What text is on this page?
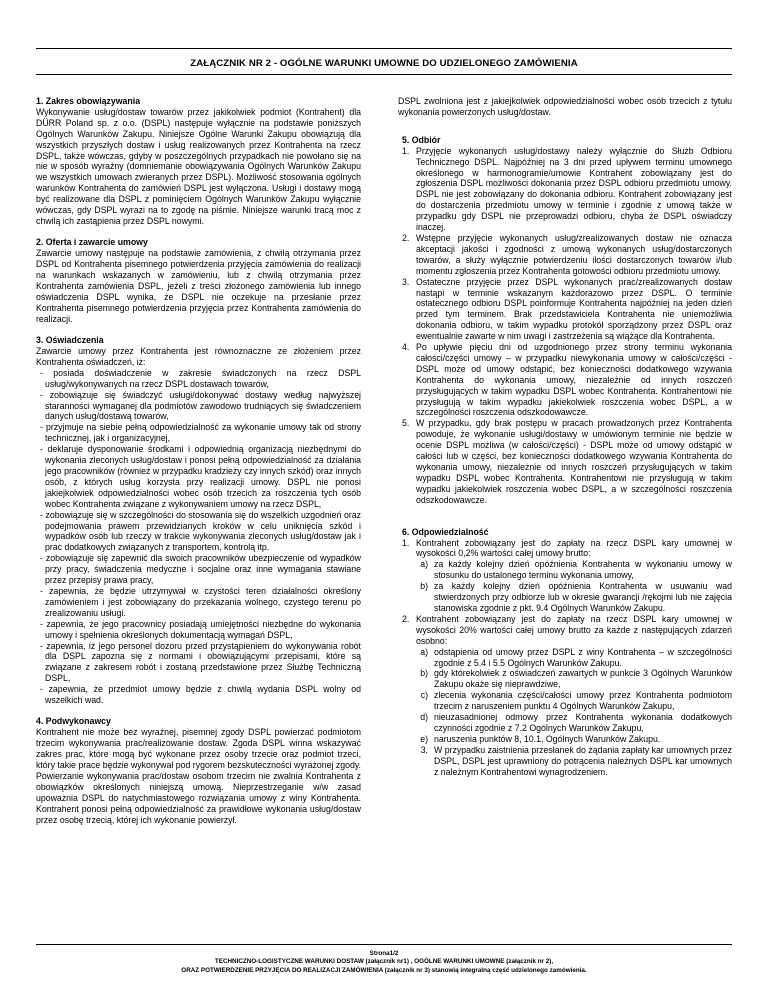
ZAŁĄCZNIK NR 2 - OGÓLNE WARUNKI UMOWNE DO UDZIELONEGO ZAMÓWIENIA
1. Zakres obowiązywania

Wykonywanie usług/dostaw towarów przez jakikolwiek podmiot (Kontrahent) dla DÜRR Poland sp. z o.o. (DSPL) następuje wyłącznie na podstawie poniższych Ogólnych Warunków Zakupu. Niniejsze Ogólne Warunki Zakupu obowiązują dla wszystkich przyszłych dostaw i usług realizowanych przez Kontrahenta na rzecz DSPL, także wówczas, gdyby w poszczególnych przypadkach nie powołano się na nie w sposób wyraźny (domniemanie obowiązywania Ogólnych Warunków Zakupu we wszystkich umowach zwieranych przez DSPL). Możliwość stosowania ogólnych warunków Kontrahenta do zamówień DSPL jest wyłączona. Usługi i dostawy mogą być realizowane dla DSPL z pominięciem Ogólnych Warunków Zakupu wyłącznie wówczas, gdy DSPL wyrazi na to zgodę na piśmie. Niniejsze warunki tracą moc z chwilą ich zastąpienia przez DSPL nowymi.

2. Oferta i zawarcie umowy

Zawarcie umowy następuje na podstawie zamówienia, z chwilą otrzymania przez DSPL od Kontrahenta pisemnego potwierdzenia przyjęcia zamówienia do realizacji na warunkach wskazanych w zamówieniu, lub z chwilą otrzymania przez Kontrahenta zamówienia DSPL, jeżeli z treści złożonego zamówienia lub innego oświadczenia DSPL wynika, że DSPL nie oczekuje na przesłanie przez Kontrahenta pisemnego potwierdzenia przyjęcia przez Kontrahenta zamówienia do realizacji.

3. Oświadczenia

Zawarcie umowy przez Kontrahenta jest równoznaczne ze złożeniem przez Kontrahenta oświadczeń, iż:

- posiada doświadczenie w zakresie świadczonych na rzecz DSPL usług/wykonywanych na rzecz DSPL dostawach towarów,
- zobowiązuje się świadczyć usługi/dokonywać dostawy według najwyższej staranności wymaganej dla podmiotów zawodowo trudniących się świadczeniem danych usług/dostawą towarów,
- przyjmuje na siebie pełną odpowiedzialność za wykonanie umowy tak od strony technicznej, jak i organizacyjnej,
- deklaruje dysponowanie środkami i odpowiednią organizacją niezbędnymi do wykonania zleconych usług/dostaw i ponosi pełną odpowiedzialność za działania jego pracowników (również w przypadku kradzieży czy innych szkód) oraz innych osób, z których usług korzysta przy realizacji umowy. DSPL nie ponosi jakiejkolwiek odpowiedzialności wobec osób trzecich za roszczenia tych osób wobec Kontrahenta związane z wykonywaniem umowy na rzecz DSPL,
- zobowiązuje się w szczególności do stosowania się do wszelkich uzgodnień oraz podejmowania prawem przewidzianych kroków w celu uniknięcia szkód i wypadków osób lub rzeczy w trakcie wykonywania zleconych usług/dostaw jak i prac dodatkowych związanych z transportem, kontrolą itp.
- zobowiązuje się zapewnić dla swoich pracowników ubezpieczenie od wypadków przy pracy, świadczenia medyczne i socjalne oraz inne wymagania stawiane przez przepisy prawa pracy,
- zapewnia, że będzie utrzymywał w czystości teren działalności określony zamówieniem i jest zobowiązany do przekazania wolnego, czystego terenu po zrealizowaniu usługi.
- zapewnia, że jego pracownicy posiadają umiejętności niezbędne do wykonania umowy i spełnienia określonych dokumentacją wymagań DSPL,
- zapewnia, iż jego personel dozoru przed przystąpieniem do wykonywania robót dla DSPL zapozna się z normami i obowiązującymi przepisami, które są związane z zakresem robót i zostaną przedstawione przez Służbę Techniczną DSPL,
- zapewnia, że przedmiot umowy będzie z chwilą wydania DSPL wolny od wszelkich wad.
4. Podwykonawcy

Kontrahent nie może bez wyraźnej, pisemnej zgody DSPL powierzać podmiotom trzecim wykonywania prac/realizowanie dostaw. Zgoda DSPL winna wskazywać zakres prac, które mogą być wykonane przez osoby trzecie oraz podmiot trzeci, który takie prace będzie wykonywał pod rygorem bezskuteczności wyrażonej zgody. Powierzanie wykonywania prac/dostaw osobom trzecim nie zwalnia Kontrahenta z obowiązków określonych niniejszą umową. Nieprzestrzeganie w/w zasad upoważnia DSPL do natychmiastowego rozwiązania umowy z winy Kontrahenta. Kontrahent ponosi pełną odpowiedzialność za prawidłowe wykonania usług/dostaw przez osobę trzecią, której ich wykonanie powierzył.

DSPL zwolniona jest z jakiejkolwiek odpowiedzialności wobec osób trzecich z tytułu wykonania powierzonych usług/dostaw.

5. Odbiór
1. Przyjęcie wykonanych usług/dostawy należy wyłącznie do Służb Odbioru Technicznego DSPL. Najpóźniej na 3 dni przed upływem terminu umownego określonego w harmonogramie/umowie Kontrahent zobowiązany jest do zgłoszenia DSPL możliwości dokonania przez DSPL odbioru przedmiotu umowy. DSPL nie jest zobowiązany do dokonania odbioru. Kontrahent zobowiązany jest do dostarczenia przedmiotu umowy w terminie i zgodnie z umową także w przypadku gdy DSPL nie przeprowadzi odbioru, chyba że DSPL oświadczy inaczej.
2. Wstępne przyjęcie wykonanych usług/zrealizowanych dostaw nie oznacza akceptacji jakości i zgodności z umową wykonanych usług/dostarczonych towarów, a służy wyłącznie potwierdzeniu ilości dostarczonych towarów i/lub momentu zgłoszenia przez Kontrahenta gotowości odbioru przedmiotu umowy.
3. Ostateczne przyjęcie przez DSPL wykonanych prac/zrealizowanych dostaw nastąpi w terminie wskazanym każdorazowo przez DSPL. O terminie ostatecznego odbioru DSPL poinformuje Kontrahenta najpóźniej na jeden dzień przed tym terminem. Brak przedstawiciela Kontrahenta nie uniemożliwia dokonania odbioru, w takim wypadku protokół sporządzony przez DSPL oraz ewentualnie zawarte w nim uwagi i zastrzeżenia są wiążące dla Kontrahenta.
4. Po upływie pięciu dni od uzgodnionego przez strony terminu wykonania całości/części umowy – w przypadku niewykonania umowy w całości/części - DSPL może od umowy odstąpić, bez konieczności dodatkowego wzywania Kontrahenta do wykonania umowy, niezależnie od innych roszczeń przysługujących w takim wypadku DSPL wobec Kontrahenta. Kontrahentowi nie przysługują w takim wypadku jakiekolwiek roszczenia wobec DSPL, a w szczególności roszczenia odszkodowawcze.
5. W przypadku, gdy brak postępu w pracach prowadzonych przez Kontrahenta powoduje, że wykonanie usługi/dostawy w umówionym terminie nie będzie w ocenie DSPL możliwa (w całości/części) - DSPL może od umowy odstąpić w całości lub w części, bez konieczności dodatkowego wzywania Kontrahenta do wykonania umowy, niezależnie od innych roszczeń przysługujących w takim wypadku DSPL wobec Kontrahenta. Kontrahentowi nie przysługują w takim wypadku jakiekolwiek roszczenia wobec DSPL, a w szczególności roszczenia odszkodowawcze.
6. Odpowiedzialność
1. Kontrahent zobowiązany jest do zapłaty na rzecz DSPL kary umownej w wysokości 0,2% wartości całej umowy brutto:
a) za każdy kolejny dzień opóźnienia Kontrahenta w wykonaniu umowy w stosunku do ustalonego terminu wykonania umowy,
b) za każdy kolejny dzień opóźnienia Kontrahenta w usuwaniu wad stwierdzonych przy odbiorze lub w okresie gwarancji /rękojmi lub nie zajęcia stanowiska zgodnie z pkt. 9.4 Ogólnych Warunków Zakupu.
2. Kontrahent zobowiązany jest do zapłaty na rzecz DSPL kary umownej w wysokości 20% wartości całej umowy brutto za każde z następujących zdarzeń osobno:
a) odstąpienia od umowy przez DSPL z winy Kontrahenta – w szczególności zgodnie z 5.4 i 5.5 Ogólnych Warunków Zakupu.
b) gdy którekolwiek z oświadczeń zawartych w punkcie 3 Ogólnych Warunków Zakupu okaże się nieprawdziwe,
c) zlecenia wykonania części/całości umowy przez Kontrahenta podmiotom trzecim z naruszeniem punktu 4 Ogólnych Warunków Zakupu,
d) nieuzasadnionej odmowy przez Kontrahenta wykonania dodatkowych czynności zgodnie z 7.2 Ogólnych Warunków Zakupu,
e) naruszenia punktów 8, 10.1, Ogólnych Warunków Zakupu.
3. W przypadku zaistnienia przesłanek do żądania zapłaty kar umownych przez DSPL, DSPL jest uprawniony do potrącenia należnych DSPL kar umownych z należnym Kontrahentowi wynagrodzeniem.
Strona1/2
TECHNICZNO-LOGISTYCZNE WARUNKI DOSTAW (załącznik nr1) , OGÓLNE WARUNKI UMOWNE (załącznik nr 2),
ORAZ POTWIERDZENIE PRZYJĘCIA DO REALIZACJI ZAMÓWIENIA (załącznik nr 3) stanowią integralną część udzielonego zamówienia.
